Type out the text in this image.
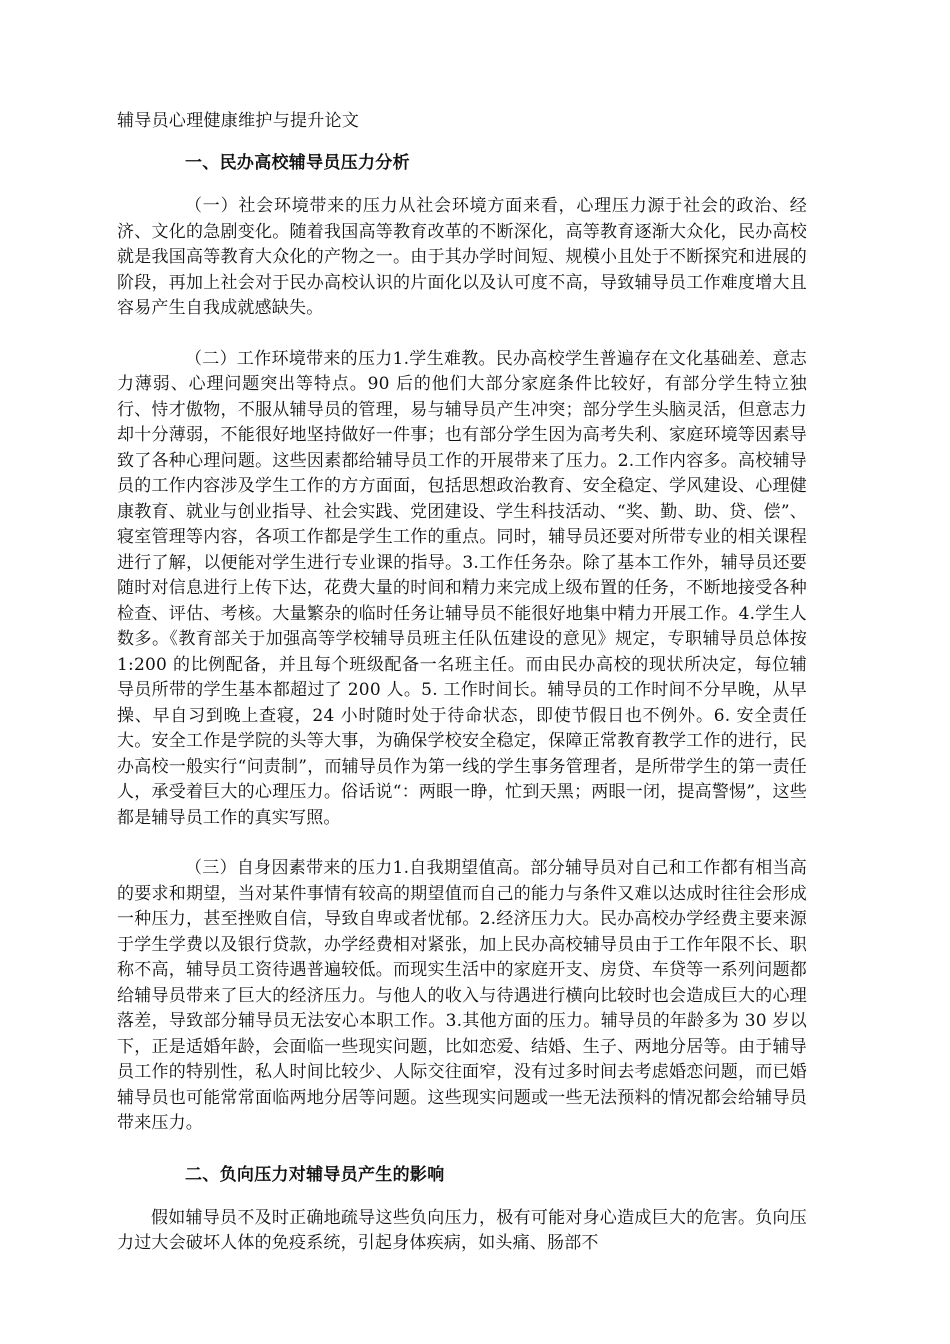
辅导员心理健康维护与提升论文
一、民办高校辅导员压力分析

（一）社会环境带来的压力从社会环境方面来看，心理压力源于社会的政治、经济、文化的急剧变化。随着我国高等教育改革的不断深化，高等教育逐渐大众化，民办高校就是我国高等教育大众化的产物之一。由于其办学时间短、规模小且处于不断探究和进展的阶段，再加上社会对于民办高校认识的片面化以及认可度不高，导致辅导员工作难度增大且容易产生自我成就感缺失。

（二）工作环境带来的压力1.学生难教。民办高校学生普遍存在文化基础差、意志力薄弱、心理问题突出等特点。90 后的他们大部分家庭条件比较好，有部分学生特立独行、恃才傲物，不服从辅导员的管理，易与辅导员产生冲突；部分学生头脑灵活，但意志力却十分薄弱，不能很好地坚持做好一件事；也有部分学生因为高考失利、家庭环境等因素导致了各种心理问题。这些因素都给辅导员工作的开展带来了压力。2.工作内容多。高校辅导员的工作内容涉及学生工作的方方面面，包括思想政治教育、安全稳定、学风建设、心理健康教育、就业与创业指导、社会实践、党团建设、学生科技活动、“奖、勤、助、贷、偿”、寝室管理等内容，各项工作都是学生工作的重点。同时，辅导员还要对所带专业的相关课程进行了解，以便能对学生进行专业课的指导。3.工作任务杂。除了基本工作外，辅导员还要随时对信息进行上传下达，花费大量的时间和精力来完成上级布置的任务，不断地接受各种检查、评估、考核。大量繁杂的临时任务让辅导员不能很好地集中精力开展工作。4.学生人数多。《教育部关于加强高等学校辅导员班主任队伍建设的意见》规定，专职辅导员总体按1:200 的比例配备，并且每个班级配备一名班主任。而由民办高校的现状所决定，每位辅导员所带的学生基本都超过了 200 人。5. 工作时间长。辅导员的工作时间不分早晚，从早操、早自习到晚上查寝，24 小时随时处于待命状态，即使节假日也不例外。6. 安全责任大。安全工作是学院的头等大事，为确保学校安全稳定，保障正常教育教学工作的进行，民办高校一般实行“问责制”，而辅导员作为第一线的学生事务管理者，是所带学生的第一责任人，承受着巨大的心理压力。俗话说“：两眼一睁，忙到天黑；两眼一闭，提高警惕”，这些都是辅导员工作的真实写照。

（三）自身因素带来的压力1.自我期望值高。部分辅导员对自己和工作都有相当高的要求和期望，当对某件事情有较高的期望值而自己的能力与条件又难以达成时往往会形成一种压力，甚至挫败自信，导致自卑或者忧郁。2.经济压力大。民办高校办学经费主要来源于学生学费以及银行贷款，办学经费相对紧张，加上民办高校辅导员由于工作年限不长、职称不高，辅导员工资待遇普遍较低。而现实生活中的家庭开支、房贷、车贷等一系列问题都给辅导员带来了巨大的经济压力。与他人的收入与待遇进行横向比较时也会造成巨大的心理落差，导致部分辅导员无法安心本职工作。3.其他方面的压力。辅导员的年龄多为 30 岁以下，正是适婚年龄，会面临一些现实问题，比如恋爱、结婚、生子、两地分居等。由于辅导员工作的特别性，私人时间比较少、人际交往面窄，没有过多时间去考虑婚恋问题，而已婚辅导员也可能常常面临两地分居等问题。这些现实问题或一些无法预料的情况都会给辅导员带来压力。

二、负向压力对辅导员产生的影响

假如辅导员不及时正确地疏导这些负向压力，极有可能对身心造成巨大的危害。负向压力过大会破坏人体的免疫系统，引起身体疾病，如头痛、肠部不
